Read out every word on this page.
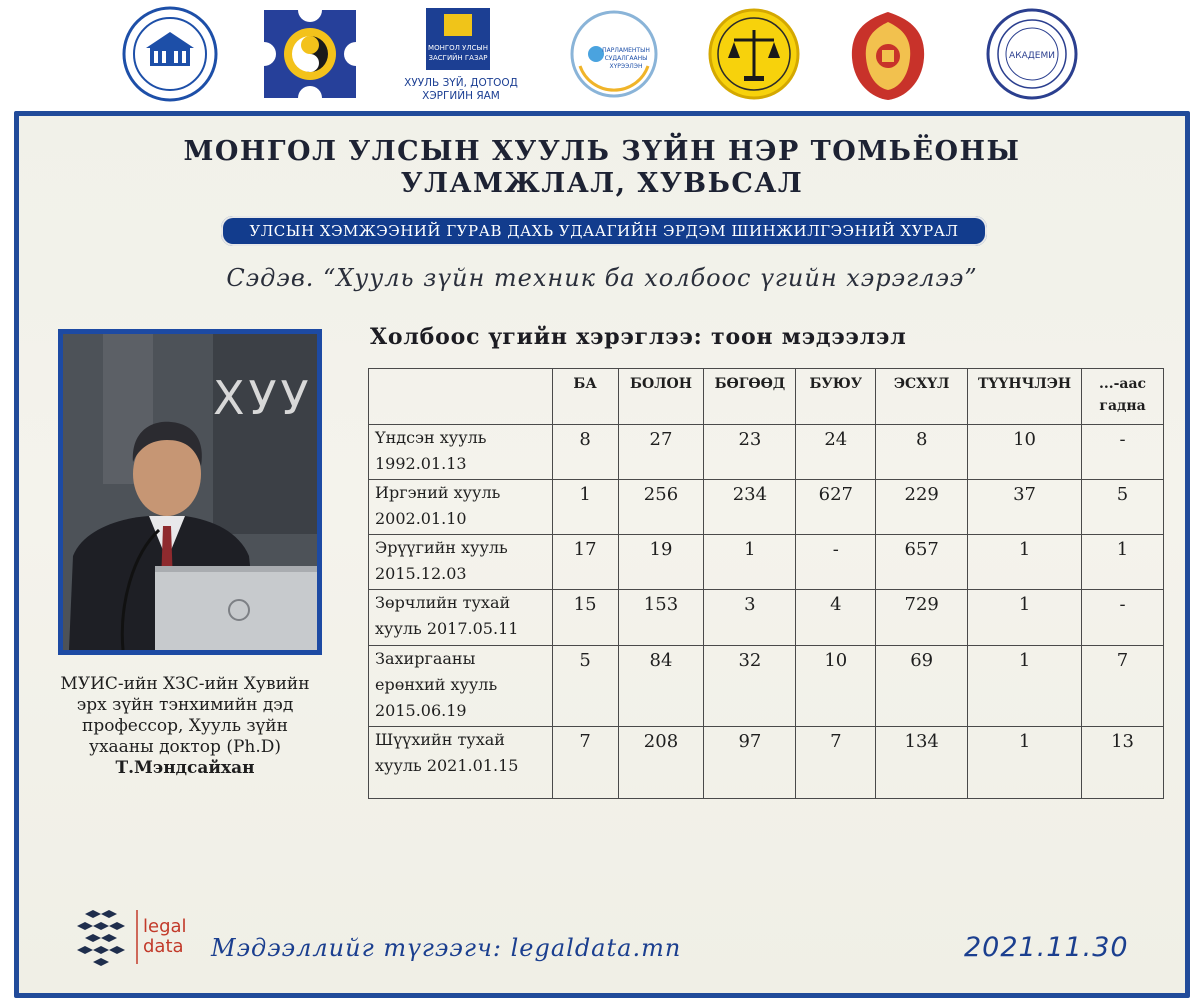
МОНГОЛ УЛСЫН
ЗАСГИЙН ГАЗАР
ХУУЛЬ ЗҮЙ, ДОТООД
ХЭРГИЙН ЯАМ
ПАРЛАМЕНТЫН
СУДАЛГААНЫ
ХҮРЭЭЛЭН
АКАДЕМИ
МОНГОЛ УЛСЫН ХУУЛЬ ЗҮЙН НЭР ТОМЬЁОНЫ
УЛАМЖЛАЛ, ХУВЬСАЛ
УЛСЫН ХЭМЖЭЭНИЙ ГУРАВ ДАХЬ УДААГИЙН ЭРДЭМ ШИНЖИЛГЭЭНИЙ ХУРАЛ
Сэдэв. “Хууль зүйн техник ба холбоос үгийн хэрэглээ”
ХУУ
МУИС-ийн ХЗС-ийн Хувийн
эрх зүйн тэнхимийн дэд
профессор, Хууль зүйн
ухааны доктор (Ph.D)
Т.Мэндсайхан
Холбоос үгийн хэрэглээ: тоон мэдээлэл
	БА	БОЛОН	БӨГӨӨД	БУЮУ	ЭСХҮЛ	ТҮҮНЧЛЭН	...-аас гадна
Үндсэн хууль 1992.01.13	8	27	23	24	8	10	-
Иргэний хууль 2002.01.10	1	256	234	627	229	37	5
Эрүүгийн хууль 2015.12.03	17	19	1	-	657	1	1
Зөрчлийн тухай хууль 2017.05.11	15	153	3	4	729	1	-
Захиргааны ерөнхий хууль 2015.06.19	5	84	32	10	69	1	7
Шүүхийн тухай хууль 2021.01.15	7	208	97	7	134	1	13
legal
data Мэдээллийг түгээгч: legaldata.mn	2021.11.30
